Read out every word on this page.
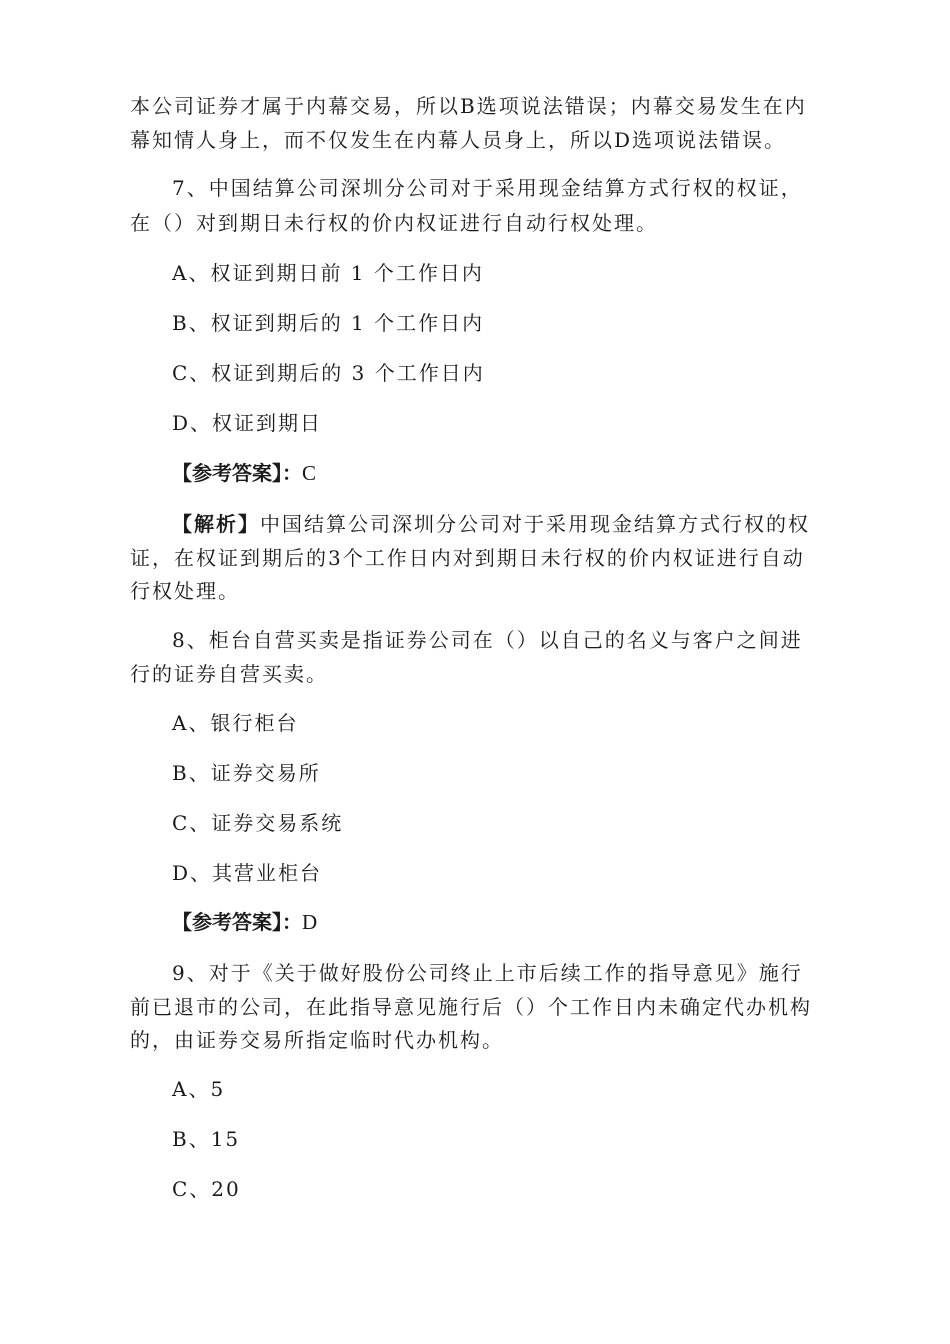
本公司证券才属于内幕交易，所以B选项说法错误；内幕交易发生在内
幕知情人身上，而不仅发生在内幕人员身上，所以D选项说法错误。
7、中国结算公司深圳分公司对于采用现金结算方式行权的权证，
在（）对到期日未行权的价内权证进行自动行权处理。
A、权证到期日前 1 个工作日内
B、权证到期后的 1 个工作日内
C、权证到期后的 3 个工作日内
D、权证到期日
【参考答案】：C
【解析】中国结算公司深圳分公司对于采用现金结算方式行权的权
证，在权证到期后的3个工作日内对到期日未行权的价内权证进行自动
行权处理。
8、柜台自营买卖是指证券公司在（）以自己的名义与客户之间进
行的证券自营买卖。
A、银行柜台
B、证券交易所
C、证券交易系统
D、其营业柜台
【参考答案】：D
9、对于《关于做好股份公司终止上市后续工作的指导意见》施行
前已退市的公司，在此指导意见施行后（）个工作日内未确定代办机构
的，由证券交易所指定临时代办机构。
A、5
B、15
C、20
